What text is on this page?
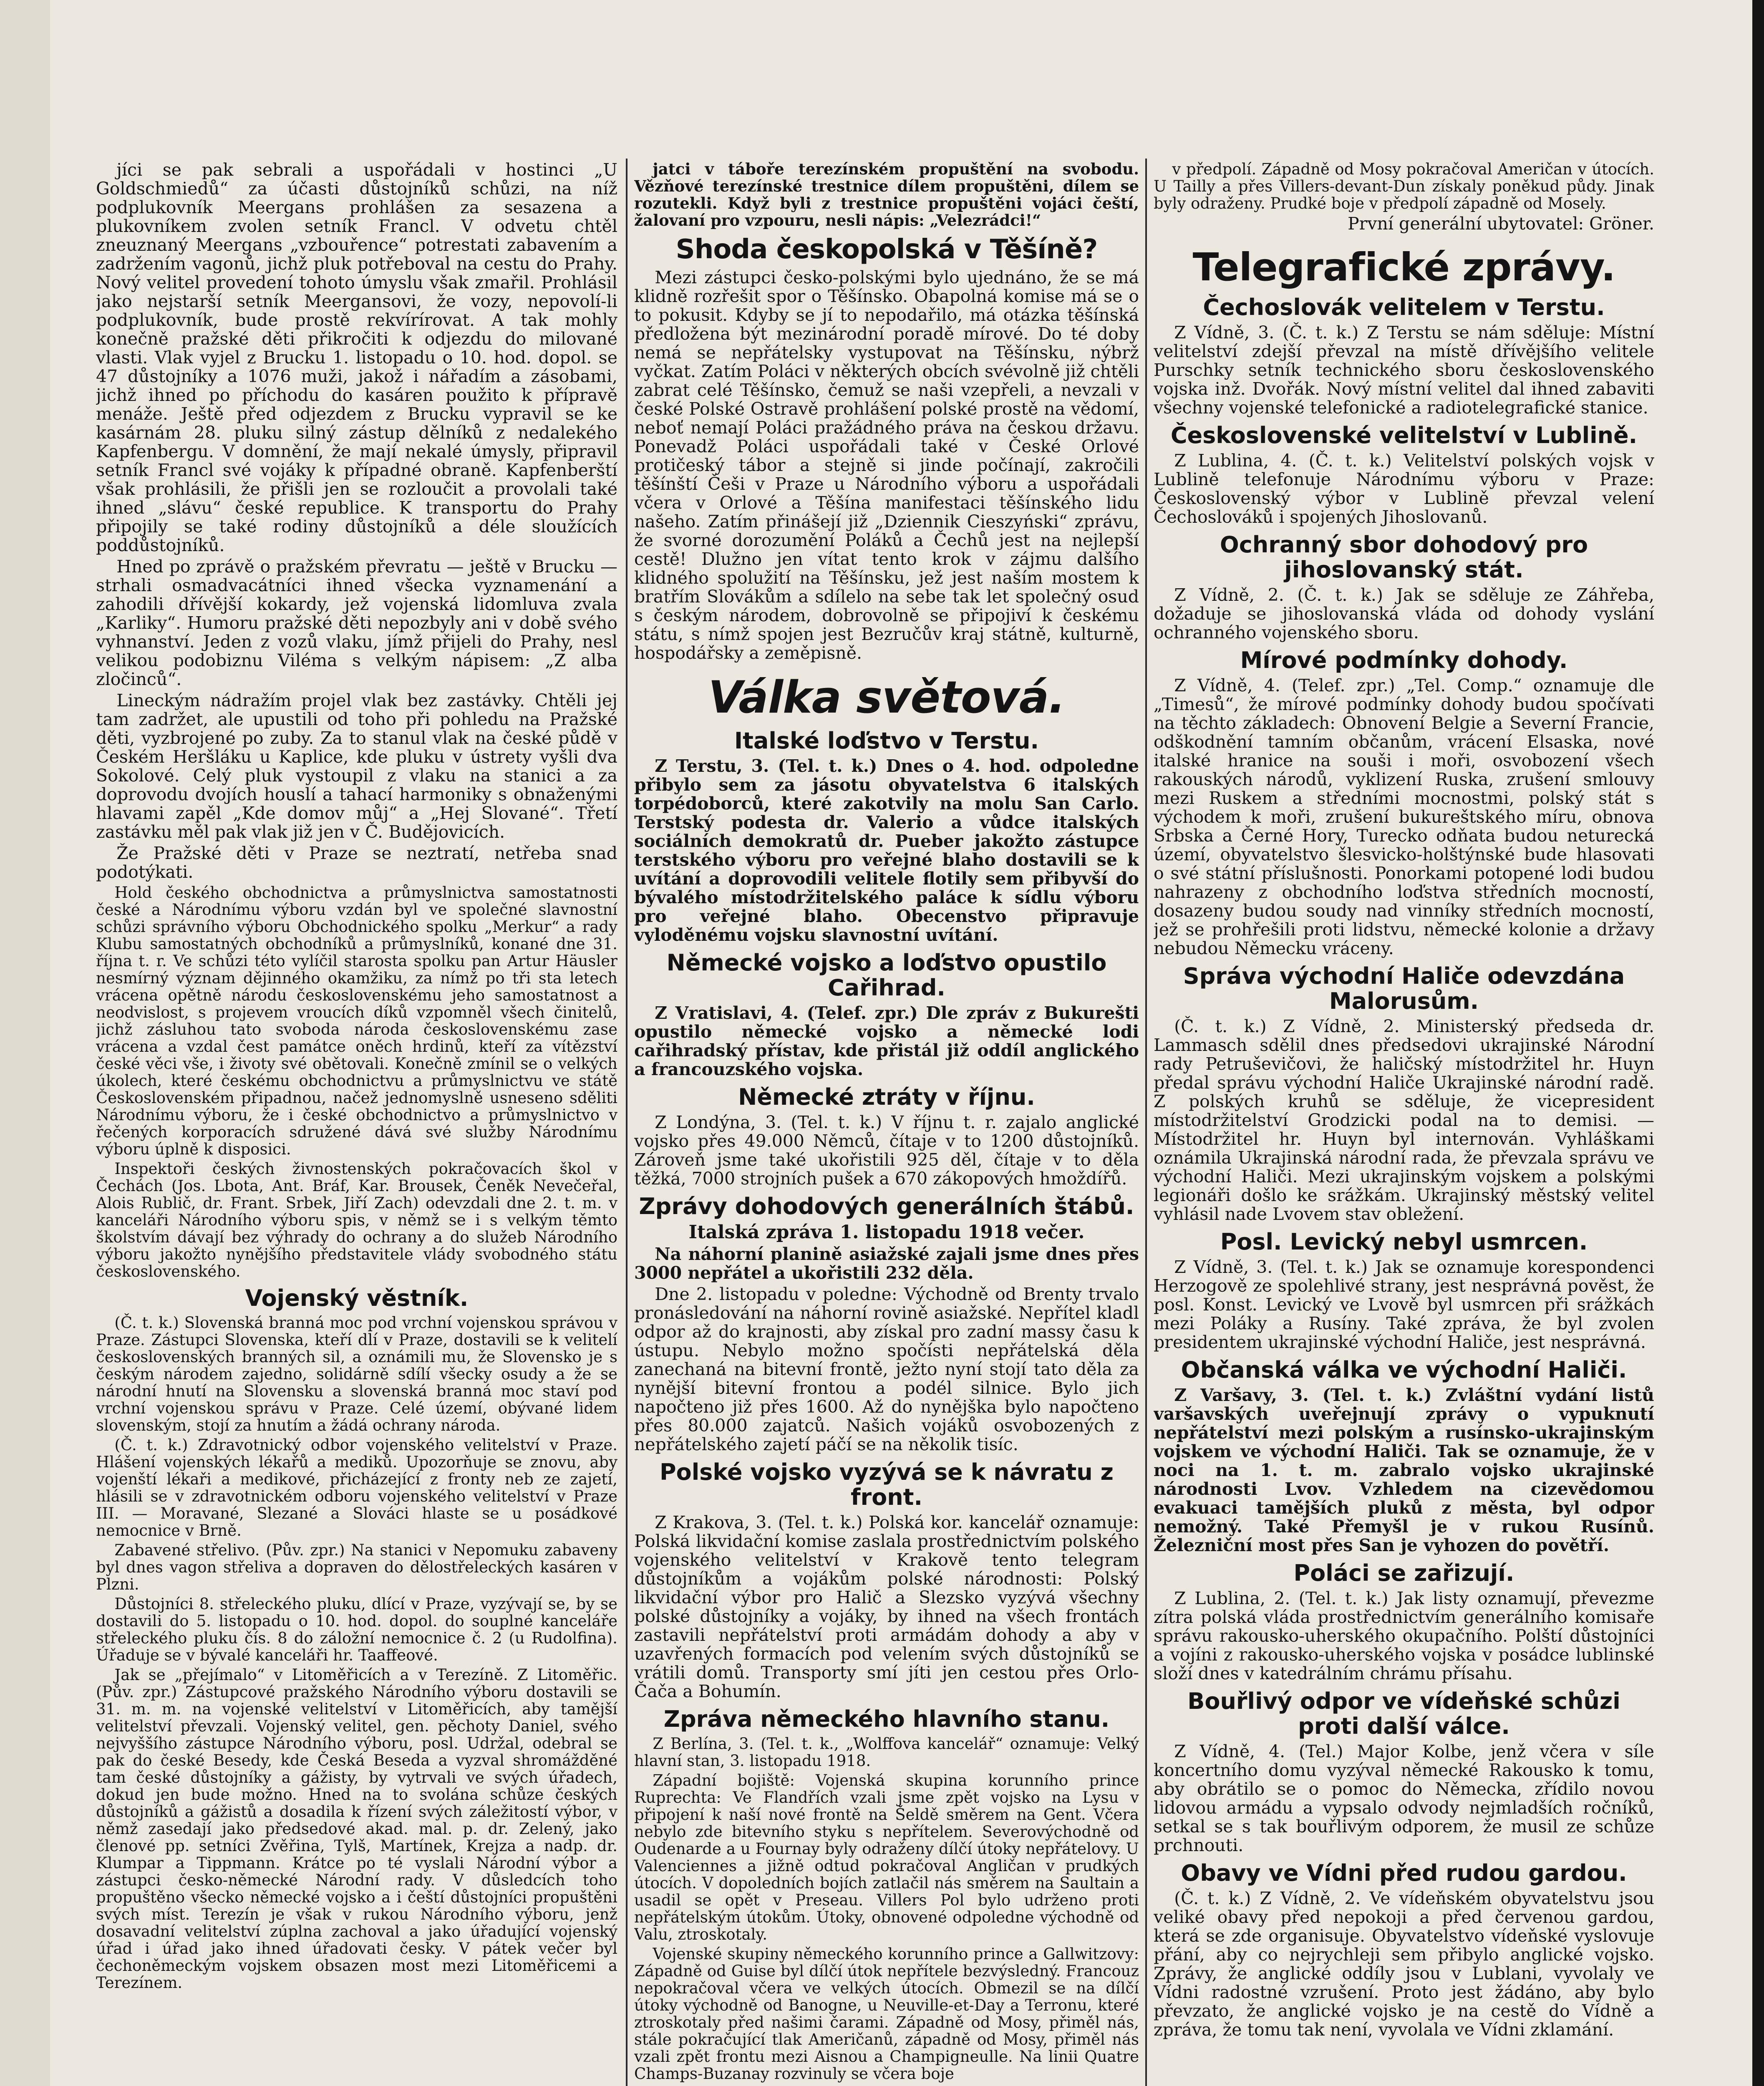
jíci se pak sebrali a uspořádali v hostinci „U Goldschmiedů“ za účasti důstojníků schůzi, na níž podplukovník Meergans prohlášen za sesazena a plukovníkem zvolen setník Francl. V odvetu chtěl zneuznaný Meergans „vzbouřence“ potrestati zabavením a zadržením vagonů, jichž pluk potřeboval na cestu do Prahy. Nový velitel provedení tohoto úmyslu však zmařil. Prohlásil jako nejstarší setník Meergansovi, že vozy, nepovolí-li podplukovník, bude prostě rekvírírovat. A tak mohly konečně pražské děti přikročiti k odjezdu do milované vlasti. Vlak vyjel z Brucku 1. listopadu o 10. hod. dopol. se 47 důstojníky a 1076 muži, jakož i nářadím a zásobami, jichž ihned po příchodu do kasáren použito k přípravě menáže. Ještě před odjezdem z Brucku vypravil se ke kasárnám 28. pluku silný zástup dělníků z nedalekého Kapfenbergu. V domnění, že mají nekalé úmysly, připravil setník Francl své vojáky k případné obraně. Kapfenberští však prohlásili, že přišli jen se rozloučit a provolali také ihned „slávu“ české republice. K transportu do Prahy připojily se také rodiny důstojníků a déle sloužících poddůstojníků.

Hned po zprávě o pražském převratu — ještě v Brucku — strhali osmadvacátníci ihned všecka vyznamenání a zahodili dřívější kokardy, jež vojenská lidomluva zvala „Karliky“. Humoru pražské děti nepozbyly ani v době svého vyhnanství. Jeden z vozů vlaku, jímž přijeli do Prahy, nesl velikou podobiznu Viléma s velkým nápisem: „Z alba zločinců“.

Lineckým nádražím projel vlak bez zastávky. Chtěli jej tam zadržet, ale upustili od toho při pohledu na Pražské děti, vyzbrojené po zuby. Za to stanul vlak na české půdě v Českém Heršláku u Kaplice, kde pluku v ústrety vyšli dva Sokolové. Celý pluk vystoupil z vlaku na stanici a za doprovodu dvojích houslí a tahací harmoniky s obnaženými hlavami zapěl „Kde domov můj“ a „Hej Slované“. Třetí zastávku měl pak vlak již jen v Č. Budějovicích.

Že Pražské děti v Praze se neztratí, netřeba snad podotýkati.

Hold českého obchodnictva a průmyslnictva samostatnosti české a Národnímu výboru vzdán byl ve společné slavnostní schůzi správního výboru Obchodnického spolku „Merkur“ a rady Klubu samostatných obchodníků a průmyslníků, konané dne 31. října t. r. Ve schůzi této vylíčil starosta spolku pan Artur Häusler nesmírný význam dějinného okamžiku, za nímž po tři sta letech vrácena opětně národu československému jeho samostatnost a neodvislost, s projevem vroucích díků vzpomněl všech činitelů, jichž zásluhou tato svoboda národa československému zase vrácena a vzdal čest památce oněch hrdinů, kteří za vítězství české věci vše, i životy své obětovali. Konečně zmínil se o velkých úkolech, které českému obchodnictvu a průmyslnictvu ve státě Československém připadnou, načež jednomyslně usneseno sděliti Národnímu výboru, že i české obchodnictvo a průmyslnictvo v řečených korporacích sdružené dává své služby Národnímu výboru úplně k disposici.

Inspektoři českých živnostenských pokračovacích škol v Čechách (Jos. Lbota, Ant. Bráf, Kar. Brousek, Čeněk Nevečeřal, Alois Rublič, dr. Frant. Srbek, Jiří Zach) odevzdali dne 2. t. m. v kanceláři Národního výboru spis, v němž se i s velkým těmto školstvím dávají bez výhrady do ochrany a do služeb Národního výboru jakožto nynějšího představitele vlády svobodného státu československého.

Vojenský věstník.

(Č. t. k.) Slovenská branná moc pod vrchní vojenskou správou v Praze. Zástupci Slovenska, kteří dlí v Praze, dostavili se k velitelí československých branných sil, a oznámili mu, že Slovensko je s českým národem zajedno, solidárně sdílí všecky osudy a že se národní hnutí na Slovensku a slovenská branná moc staví pod vrchní vojenskou správu v Praze. Celé území, obývané lidem slovenským, stojí za hnutím a žádá ochrany národa.

(Č. t. k.) Zdravotnický odbor vojenského velitelství v Praze. Hlášení vojenských lékařů a mediků. Upozorňuje se znovu, aby vojenští lékaři a medikové, přicházející z fronty neb ze zajetí, hlásili se v zdravotnickém odboru vojenského velitelství v Praze III. — Moravané, Slezané a Slováci hlaste se u posádkové nemocnice v Brně.

Zabavené střelivo. (Pův. zpr.) Na stanici v Nepomuku zabaveny byl dnes vagon střeliva a dopraven do dělostřeleckých kasáren v Plzni.

Důstojníci 8. střeleckého pluku, dlící v Praze, vyzývají se, by se dostavili do 5. listopadu o 10. hod. dopol. do souplné kanceláře střeleckého pluku čís. 8 do záložní nemocnice č. 2 (u Rudolfina). Úřaduje se v bývalé kanceláři hr. Taaffeové.

Jak se „přejímalo“ v Litoměřicích a v Terezíně. Z Litoměřic. (Pův. zpr.) Zástupcové pražského Národního výboru dostavili se 31. m. m. na vojenské velitelství v Litoměřicích, aby tamější velitelství převzali. Vojenský velitel, gen. pěchoty Daniel, svého nejvyššího zástupce Národního výboru, posl. Udržal, odebral se pak do české Besedy, kde Česká Beseda a vyzval shromážděné tam české důstojníky a gážisty, by vytrvali ve svých úřadech, dokud jen bude možno. Hned na to svolána schůze českých důstojníků a gážistů a dosadila k řízení svých záležitostí výbor, v němž zasedají jako předsedové akad. mal. p. dr. Zelený, jako členové pp. setníci Zvěřina, Tylš, Martínek, Krejza a nadp. dr. Klumpar a Tippmann. Krátce po té vyslali Národní výbor a zástupci česko-německé Národní rady. V důsledcích toho propuštěno všecko německé vojsko a i čeští důstojníci propuštěni svých míst. Terezín je však v rukou Národního výboru, jenž dosavadní velitelství zúplna zachoval a jako úřadující vojenský úřad i úřad jako ihned úřadovati česky. V pátek večer byl čechoněmeckým vojskem obsazen most mezi Litoměřicemi a Terezínem.

jatci v táboře terezínském propuštění na svobodu. Vězňové terezínské trestnice dílem propuštěni, dílem se rozutekli. Když byli z trestnice propuštěni vojáci čeští, žalovaní pro vzpouru, nesli nápis: „Velezrádci!“

Shoda českopolská v Těšíně?

Mezi zástupci česko-polskými bylo ujednáno, že se má klidně rozřešit spor o Těšínsko. Obapolná komise má se o to pokusit. Kdyby se jí to nepodařilo, má otázka těšínská předložena být mezinárodní poradě mírové. Do té doby nemá se nepřátelsky vystupovat na Těšínsku, nýbrž vyčkat. Zatím Poláci v některých obcích svévolně již chtěli zabrat celé Těšínsko, čemuž se naši vzepřeli, a nevzali v české Polské Ostravě prohlášení polské prostě na vědomí, neboť nemají Poláci pražádného práva na českou državu. Ponevadž Poláci uspořádali také v České Orlové protičeský tábor a stejně si jinde počínají, zakročili těšínští Češi v Praze u Národního výboru a uspořádali včera v Orlové a Těšína manifestaci těšínského lidu našeho. Zatím přinášejí již „Dziennik Cieszyński“ zprávu, že svorné dorozumění Poláků a Čechů jest na nejlepší cestě! Dlužno jen vítat tento krok v zájmu dalšího klidného spolužití na Těšínsku, jež jest naším mostem k bratřím Slovákům a sdílelo na sebe tak let společný osud s českým národem, dobrovolně se připojiví k českému státu, s nímž spojen jest Bezručův kraj státně, kulturně, hospodářsky a zeměpisně.

Válka světová.
Italské loďstvo v Terstu.

Z Terstu, 3. (Tel. t. k.) Dnes o 4. hod. odpoledne přibylo sem za jásotu obyvatelstva 6 italských torpédoborců, které zakotvily na molu San Carlo. Terstský podesta dr. Valerio a vůdce italských sociálních demokratů dr. Pueber jakožto zástupce terstského výboru pro veřejné blaho dostavili se k uvítání a doprovodili velitele flotily sem přibyvší do bývalého místodržitelského paláce k sídlu výboru pro veřejné blaho. Obecenstvo připravuje vyloděnému vojsku slavnostní uvítání.

Německé vojsko a loďstvo opustilo Cařihrad.

Z Vratislavi, 4. (Telef. zpr.) Dle zpráv z Bukurešti opustilo německé vojsko a německé lodi cařihradský přístav, kde přistál již oddíl anglického a francouzského vojska.

Německé ztráty v říjnu.

Z Londýna, 3. (Tel. t. k.) V říjnu t. r. zajalo anglické vojsko přes 49.000 Němců, čítaje v to 1200 důstojníků. Zároveň jsme také ukořistili 925 děl, čítaje v to děla těžká, 7000 strojních pušek a 670 zákopových hmoždířů.

Zprávy dohodových generálních štábů.
Italská zpráva 1. listopadu 1918 večer.

Na náhorní planině asiažské zajali jsme dnes přes 3000 nepřátel a ukořistili 232 děla.

Dne 2. listopadu v poledne: Východně od Brenty trvalo pronásledování na náhorní rovině asiažské. Nepřítel kladl odpor až do krajnosti, aby získal pro zadní massy času k ústupu. Nebylo možno spočísti nepřátelská děla zanechaná na bitevní frontě, ježto nyní stojí tato děla za nynější bitevní frontou a podél silnice. Bylo jich napočteno již přes 1600. Až do nynějška bylo napočteno přes 80.000 zajatců. Našich vojáků osvobozených z nepřátelského zajetí páčí se na několik tisíc.

Polské vojsko vyzývá se k návratu z front.

Z Krakova, 3. (Tel. t. k.) Polská kor. kancelář oznamuje: Polská likvidační komise zaslala prostřednictvím polského vojenského velitelství v Krakově tento telegram důstojníkům a vojákům polské národnosti: Polský likvidační výbor pro Halič a Slezsko vyzývá všechny polské důstojníky a vojáky, by ihned na všech frontách zastavili nepřátelství proti armádám dohody a aby v uzavřených formacích pod velením svých důstojníků se vrátili domů. Transporty smí jíti jen cestou přes Orlo-Čača a Bohumín.

Zpráva německého hlavního stanu.

Z Berlína, 3. (Tel. t. k., „Wolffova kancelář“ oznamuje: Velký hlavní stan, 3. listopadu 1918.

Západní bojiště: Vojenská skupina korunního prince Ruprechta: Ve Flandřích vzali jsme zpět vojsko na Lysu v připojení k naší nové frontě na Šeldě směrem na Gent. Včera nebylo zde bitevního styku s nepřítelem. Severovýchodně od Oudenarde a u Fournay byly odraženy dílčí útoky nepřátelovy. U Valenciennes a jižně odtud pokračoval Angličan v prudkých útocích. V dopoledních bojích zatlačil nás směrem na Saultain a usadil se opět v Preseau. Villers Pol bylo udrženo proti nepřátelským útokům. Útoky, obnovené odpoledne východně od Valu, ztroskotaly.

Vojenské skupiny německého korunního prince a Gallwitzovy: Západně od Guise byl dílčí útok nepřítele bezvýsledný. Francouz nepokračoval včera ve velkých útocích. Obmezil se na dílčí útoky východně od Banogne, u Neuville-et-Day a Terronu, které ztroskotaly před našimi čarami. Západně od Mosy, přiměl nás, stále pokračující tlak Američanů, západně od Mosy, přiměl nás vzali zpět frontu mezi Aisnou a Champigneulle. Na linii Quatre Champs-Buzanay rozvinuly se včera boje

v předpolí. Západně od Mosy pokračoval Američan v útocích. U Tailly a přes Villers-devant-Dun získaly poněkud půdy. Jinak byly odraženy. Prudké boje v předpolí západně od Mosely.

První generální ubytovatel: Gröner.

Telegrafické zprávy.
Čechoslovák velitelem v Terstu.

Z Vídně, 3. (Č. t. k.) Z Terstu se nám sděluje: Místní velitelství zdejší převzal na místě dřívějšího velitele Purschky setník technického sboru československého vojska inž. Dvořák. Nový místní velitel dal ihned zabaviti všechny vojenské telefonické a radiotelegrafické stanice.

Československé velitelství v Lublině.

Z Lublina, 4. (Č. t. k.) Velitelství polských vojsk v Lublině telefonuje Národnímu výboru v Praze: Československý výbor v Lublině převzal velení Čechoslováků i spojených Jihoslovanů.

Ochranný sbor dohodový pro jihoslovanský stát.

Z Vídně, 2. (Č. t. k.) Jak se sděluje ze Záhřeba, dožaduje se jihoslovanská vláda od dohody vyslání ochranného vojenského sboru.

Mírové podmínky dohody.

Z Vídně, 4. (Telef. zpr.) „Tel. Comp.“ oznamuje dle „Timesů“, že mírové podmínky dohody budou spočívati na těchto základech: Obnovení Belgie a Severní Francie, odškodnění tamním občanům, vrácení Elsaska, nové italské hranice na souši i moři, osvobození všech rakouských národů, vyklizení Ruska, zrušení smlouvy mezi Ruskem a středními mocnostmi, polský stát s východem k moři, zrušení bukureštského míru, obnova Srbska a Černé Hory, Turecko odňata budou neturecká území, obyvatelstvo šlesvicko-holštýnské bude hlasovati o své státní příslušnosti. Ponorkami potopené lodi budou nahrazeny z obchodního loďstva středních mocností, dosazeny budou soudy nad vinníky středních mocností, jež se prohřešili proti lidstvu, německé kolonie a državy nebudou Německu vráceny.

Správa východní Haliče odevzdána Malorusům.

(Č. t. k.) Z Vídně, 2. Ministerský předseda dr. Lammasch sdělil dnes předsedovi ukrajinské Národní rady Petruševičovi, že haličský místodržitel hr. Huyn předal správu východní Haliče Ukrajinské národní radě. Z polských kruhů se sděluje, že vicepresident místodržitelství Grodzicki podal na to demisi. — Místodržitel hr. Huyn byl internován. Vyhláškami oznámila Ukrajinská národní rada, že převzala správu ve východní Haliči. Mezi ukrajinským vojskem a polskými legionáři došlo ke srážkám. Ukrajinský městský velitel vyhlásil nade Lvovem stav obležení.

Posl. Levický nebyl usmrcen.

Z Vídně, 3. (Tel. t. k.) Jak se oznamuje korespondenci Herzogově ze spolehlivé strany, jest nesprávná pověst, že posl. Konst. Levický ve Lvově byl usmrcen při srážkách mezi Poláky a Rusíny. Také zpráva, že byl zvolen presidentem ukrajinské východní Haliče, jest nesprávná.

Občanská válka ve východní Haliči.

Z Varšavy, 3. (Tel. t. k.) Zvláštní vydání listů varšavských uveřejnují zprávy o vypuknutí nepřátelství mezi polským a rusínsko-ukrajinským vojskem ve východní Haliči. Tak se oznamuje, že v noci na 1. t. m. zabralo vojsko ukrajinské národnosti Lvov. Vzhledem na cizevědomou evakuaci tamějších pluků z města, byl odpor nemožný. Také Přemyšl je v rukou Rusínů. Železniční most přes San je vyhozen do povětří.

Poláci se zařizují.

Z Lublina, 2. (Tel. t. k.) Jak listy oznamují, převezme zítra polská vláda prostřednictvím generálního komisaře správu rakousko-uherského okupačního. Polští důstojníci a vojíni z rakousko-uherského vojska v posádce lublinské složí dnes v katedrálním chrámu přísahu.

Bouřlivý odpor ve vídeňské schůzi proti další válce.

Z Vídně, 4. (Tel.) Major Kolbe, jenž včera v síle koncertního domu vyzýval německé Rakousko k tomu, aby obrátilo se o pomoc do Německa, zřídilo novou lidovou armádu a vypsalo odvody nejmladších ročníků, setkal se s tak bouřlivým odporem, že musil ze schůze prchnouti.

Obavy ve Vídni před rudou gardou.

(Č. t. k.) Z Vídně, 2. Ve vídeňském obyvatelstvu jsou veliké obavy před nepokoji a před červenou gardou, která se zde organisuje. Obyvatelstvo vídeňské vyslovuje přání, aby co nejrychleji sem přibylo anglické vojsko. Zprávy, že anglické oddíly jsou v Lublani, vyvolaly ve Vídni radostné vzrušení. Proto jest žádáno, aby bylo převzato, že anglické vojsko je na cestě do Vídně a zpráva, že tomu tak není, vyvolala ve Vídni zklamání.
